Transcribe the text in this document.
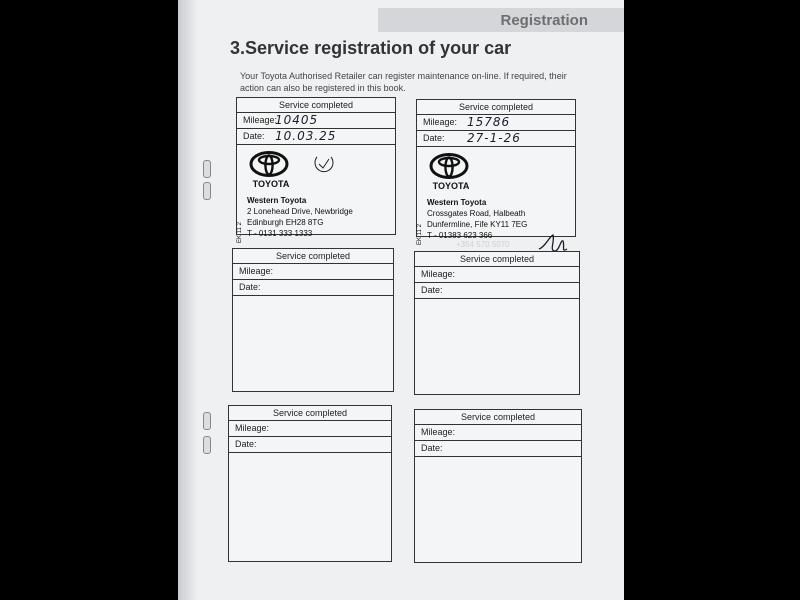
Registration
3.Service registration of your car
Your Toyota Authorised Retailer can register maintenance on-line. If required, their action can also be registered in this book.
+354 570 5070
Service completed
Mileage:
10405
Date: 10.03.25
TOYOTA
Western Toyota
2 Lonehead Drive, Newbridge
Edinburgh EH28 8TG
T - 0131 333 1333
EK 11 2
Service completed
Mileage: 15786
Date: 27-1-26
TOYOTA
Western Toyota
Crossgates Road, Halbeath
Dunfermline, Fife KY11 7EG
T - 01383 623 366
EK 11 2
Service completed
Mileage:
Date:
Service completed
Mileage:
Date:
Service completed
Mileage:
Date:
Service completed
Mileage:
Date:
